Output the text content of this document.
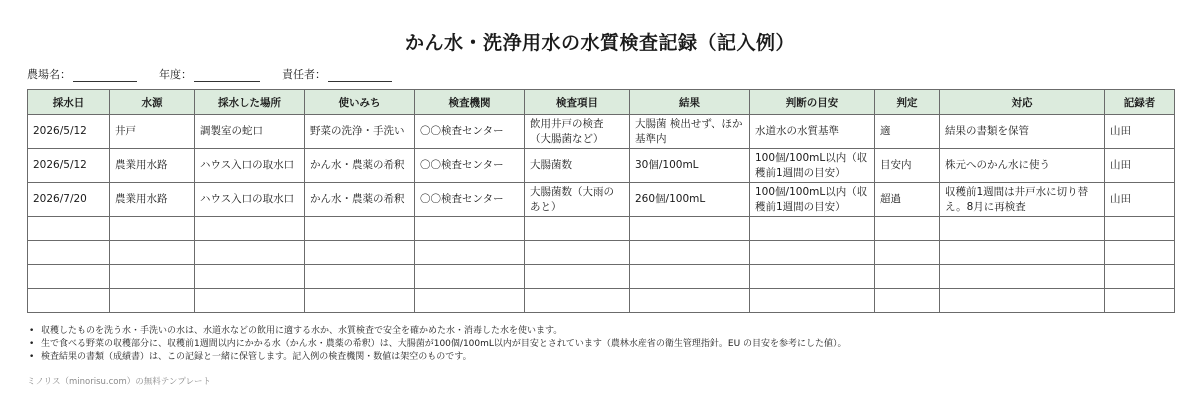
かん水・洗浄用水の水質検査記録（記入例）
農場名：	年度：	責任者：
採水日	水源	採水した場所	使いみち	検査機関	検査項目	結果	判断の目安	判定	対応	記録者
2026/5/12	井戸	調製室の蛇口	野菜の洗浄・手洗い	〇〇検査センター	飲用井戸の検査（大腸菌など）	大腸菌 検出せず、ほか基準内	水道水の水質基準	適	結果の書類を保管	山田
2026/5/12	農業用水路	ハウス入口の取水口	かん水・農薬の希釈	〇〇検査センター	大腸菌数	30個/100mL	100個/100mL以内（収穫前1週間の目安）	目安内	株元へのかん水に使う	山田
2026/7/20	農業用水路	ハウス入口の取水口	かん水・農薬の希釈	〇〇検査センター	大腸菌数（大雨のあと）	260個/100mL	100個/100mL以内（収穫前1週間の目安）	超過	収穫前1週間は井戸水に切り替え。8月に再検査	山田

• 収穫したものを洗う水・手洗いの水は、水道水などの飲用に適する水か、水質検査で安全を確かめた水・消毒した水を使います。
• 生で食べる野菜の収穫部分に、収穫前1週間以内にかかる水（かん水・農薬の希釈）は、大腸菌が100個/100mL以内が目安とされています（農林水産省の衛生管理指針。EU の目安を参考にした値）。
• 検査結果の書類（成績書）は、この記録と一緒に保管します。記入例の検査機関・数値は架空のものです。
ミノリス（minorisu.com）の無料テンプレート
